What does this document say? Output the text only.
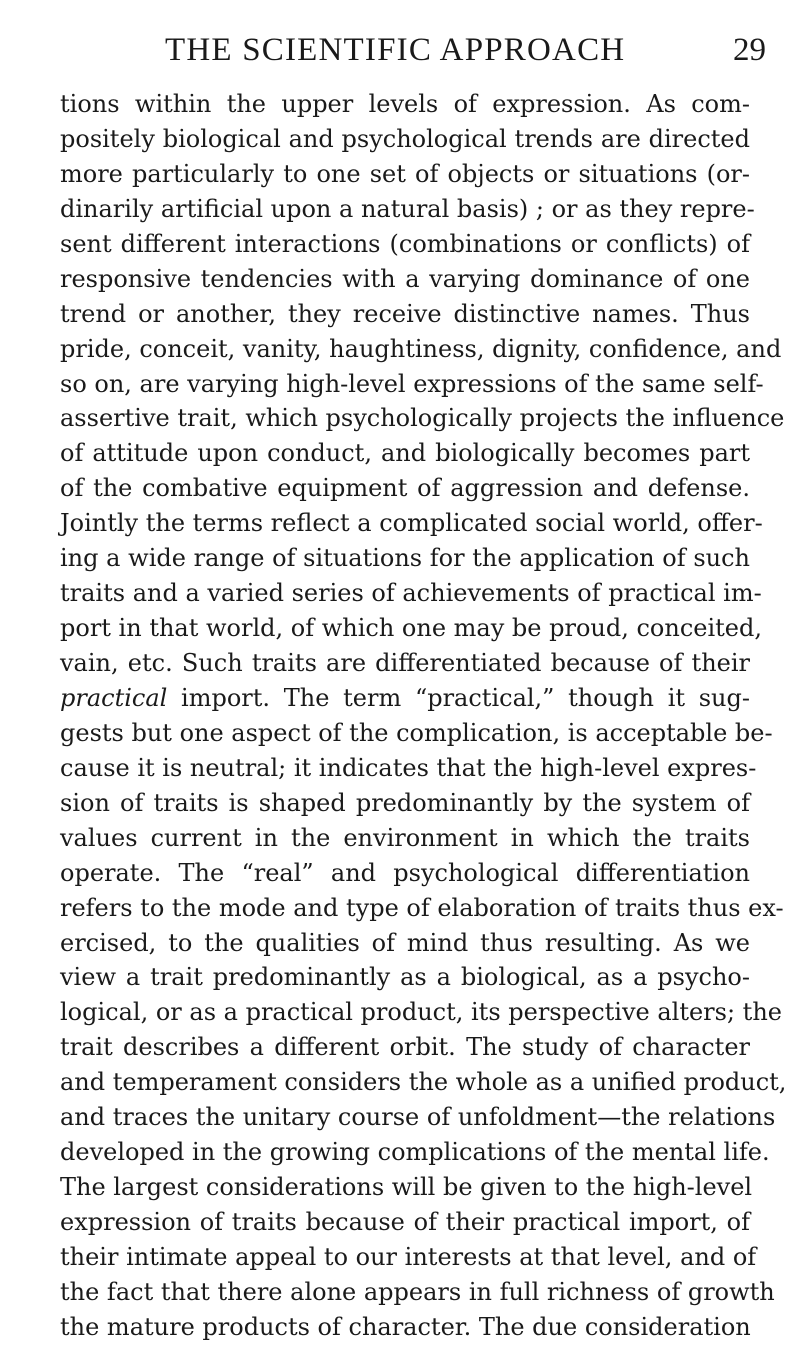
THE SCIENTIFIC APPROACH	29
tions within the upper levels of expression. As com-
positely biological and psychological trends are directed
more particularly to one set of objects or situations (or-
dinarily artificial upon a natural basis) ; or as they repre-
sent different interactions (combinations or conflicts) of
responsive tendencies with a varying dominance of one
trend or another, they receive distinctive names. Thus
pride, conceit, vanity, haughtiness, dignity, confidence, and
so on, are varying high-level expressions of the same self-
assertive trait, which psychologically projects the influence
of attitude upon conduct, and biologically becomes part
of the combative equipment of aggression and defense.
Jointly the terms reflect a complicated social world, offer-
ing a wide range of situations for the application of such
traits and a varied series of achievements of practical im-
port in that world, of which one may be proud, conceited,
vain, etc. Such traits are differentiated because of their
practical import. The term “practical,” though it sug-
gests but one aspect of the complication, is acceptable be-
cause it is neutral; it indicates that the high-level expres-
sion of traits is shaped predominantly by the system of
values current in the environment in which the traits
operate. The “real” and psychological differentiation
refers to the mode and type of elaboration of traits thus ex-
ercised, to the qualities of mind thus resulting. As we
view a trait predominantly as a biological, as a psycho-
logical, or as a practical product, its perspective alters; the
trait describes a different orbit. The study of character
and temperament considers the whole as a unified product,
and traces the unitary course of unfoldment—the relations
developed in the growing complications of the mental life.
The largest considerations will be given to the high-level
expression of traits because of their practical import, of
their intimate appeal to our interests at that level, and of
the fact that there alone appears in full richness of growth
the mature products of character. The due consideration
